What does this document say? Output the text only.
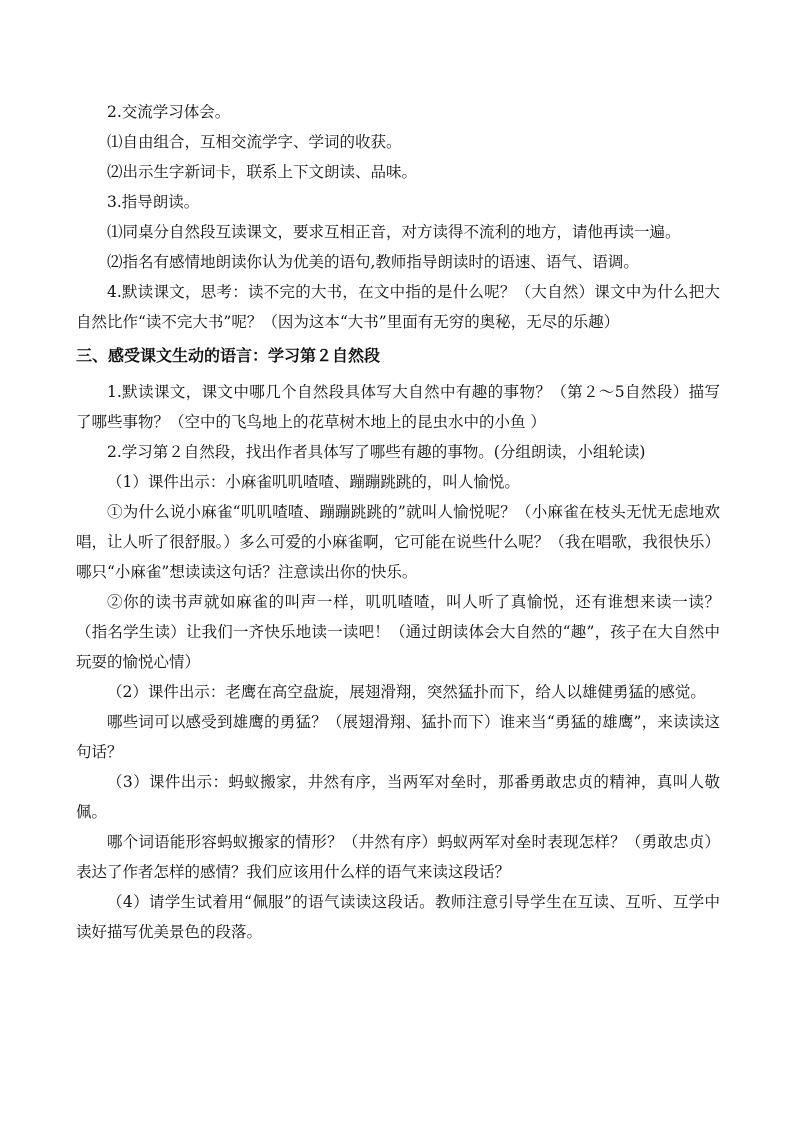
2.交流学习体会。

⑴自由组合，互相交流学字、学词的收获。

⑵出示生字新词卡，联系上下文朗读、品味。

3.指导朗读。

⑴同桌分自然段互读课文，要求互相正音，对方读得不流利的地方，请他再读一遍。

⑵指名有感情地朗读你认为优美的语句,教师指导朗读时的语速、语气、语调。

4.默读课文，思考：读不完的大书，在文中指的是什么呢？（大自然）课文中为什么把大自然比作“读不完大书”呢？（因为这本“大书”里面有无穷的奥秘，无尽的乐趣）

三、感受课文生动的语言：学习第２自然段

1.默读课文，课文中哪几个自然段具体写大自然中有趣的事物？（第２～5自然段）描写了哪些事物？（空中的飞鸟地上的花草树木地上的昆虫水中的小鱼 ）

2.学习第２自然段，找出作者具体写了哪些有趣的事物。(分组朗读，小组轮读)

（1）课件出示：小麻雀叽叽喳喳、蹦蹦跳跳的，叫人愉悦。

①为什么说小麻雀“叽叽喳喳、蹦蹦跳跳的”就叫人愉悦呢？（小麻雀在枝头无忧无虑地欢唱，让人听了很舒服。）多么可爱的小麻雀啊，它可能在说些什么呢？（我在唱歌，我很快乐）哪只“小麻雀”想读读这句话？注意读出你的快乐。

②你的读书声就如麻雀的叫声一样，叽叽喳喳，叫人听了真愉悦，还有谁想来读一读？（指名学生读）让我们一齐快乐地读一读吧！（通过朗读体会大自然的“趣”，孩子在大自然中玩耍的愉悦心情）

（2）课件出示：老鹰在高空盘旋，展翅滑翔，突然猛扑而下，给人以雄健勇猛的感觉。

哪些词可以感受到雄鹰的勇猛？（展翅滑翔、猛扑而下）谁来当“勇猛的雄鹰”，来读读这句话？

（3）课件出示：蚂蚁搬家，井然有序，当两军对垒时，那番勇敢忠贞的精神，真叫人敬佩。

哪个词语能形容蚂蚁搬家的情形？（井然有序）蚂蚁两军对垒时表现怎样？（勇敢忠贞）表达了作者怎样的感情？我们应该用什么样的语气来读这段话？

（4）请学生试着用“佩服”的语气读读这段话。教师注意引导学生在互读、互听、互学中读好描写优美景色的段落。
